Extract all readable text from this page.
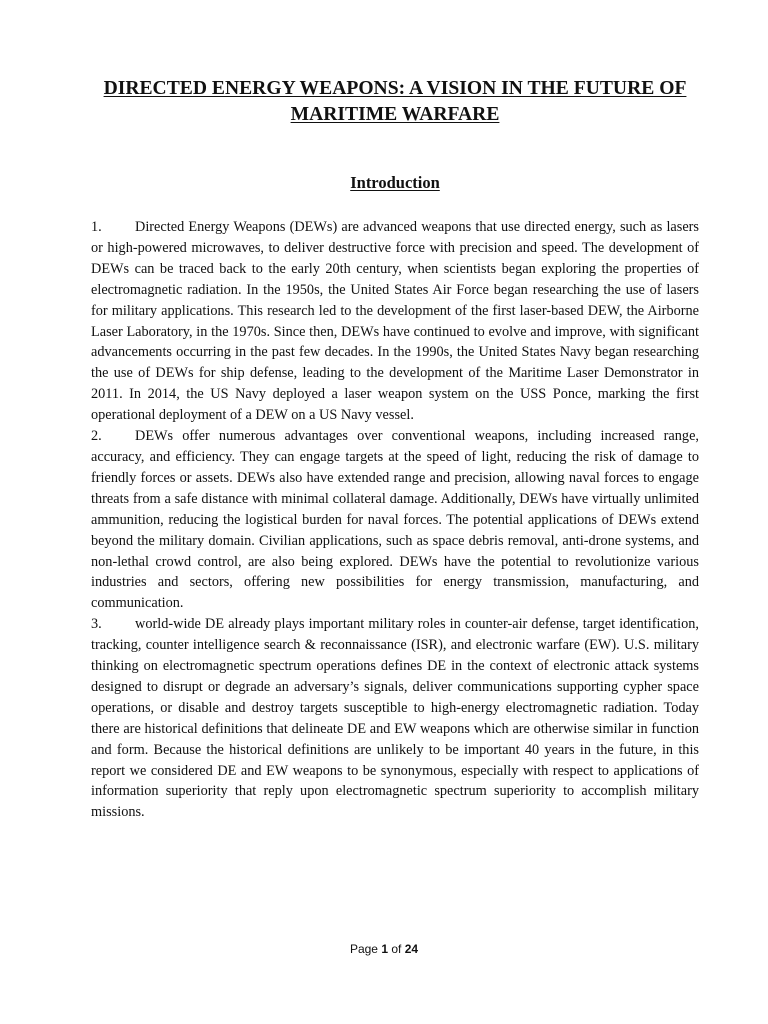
DIRECTED ENERGY WEAPONS: A VISION IN THE FUTURE OF MARITIME WARFARE
Introduction

1. Directed Energy Weapons (DEWs) are advanced weapons that use directed energy, such as lasers or high-powered microwaves, to deliver destructive force with precision and speed. The development of DEWs can be traced back to the early 20th century, when scientists began exploring the properties of electromagnetic radiation. In the 1950s, the United States Air Force began researching the use of lasers for military applications. This research led to the development of the first laser-based DEW, the Airborne Laser Laboratory, in the 1970s. Since then, DEWs have continued to evolve and improve, with significant advancements occurring in the past few decades. In the 1990s, the United States Navy began researching the use of DEWs for ship defense, leading to the development of the Maritime Laser Demonstrator in 2011. In 2014, the US Navy deployed a laser weapon system on the USS Ponce, marking the first operational deployment of a DEW on a US Navy vessel.

2. DEWs offer numerous advantages over conventional weapons, including increased range, accuracy, and efficiency. They can engage targets at the speed of light, reducing the risk of damage to friendly forces or assets. DEWs also have extended range and precision, allowing naval forces to engage threats from a safe distance with minimal collateral damage. Additionally, DEWs have virtually unlimited ammunition, reducing the logistical burden for naval forces. The potential applications of DEWs extend beyond the military domain. Civilian applications, such as space debris removal, anti-drone systems, and non-lethal crowd control, are also being explored. DEWs have the potential to revolutionize various industries and sectors, offering new possibilities for energy transmission, manufacturing, and communication.

3. world-wide DE already plays important military roles in counter-air defense, target identification, tracking, counter intelligence search & reconnaissance (ISR), and electronic warfare (EW). U.S. military thinking on electromagnetic spectrum operations defines DE in the context of electronic attack systems designed to disrupt or degrade an adversary’s signals, deliver communications supporting cypher space operations, or disable and destroy targets susceptible to high-energy electromagnetic radiation. Today there are historical definitions that delineate DE and EW weapons which are otherwise similar in function and form. Because the historical definitions are unlikely to be important 40 years in the future, in this report we considered DE and EW weapons to be synonymous, especially with respect to applications of information superiority that reply upon electromagnetic spectrum superiority to accomplish military missions.

Page 1 of 24
